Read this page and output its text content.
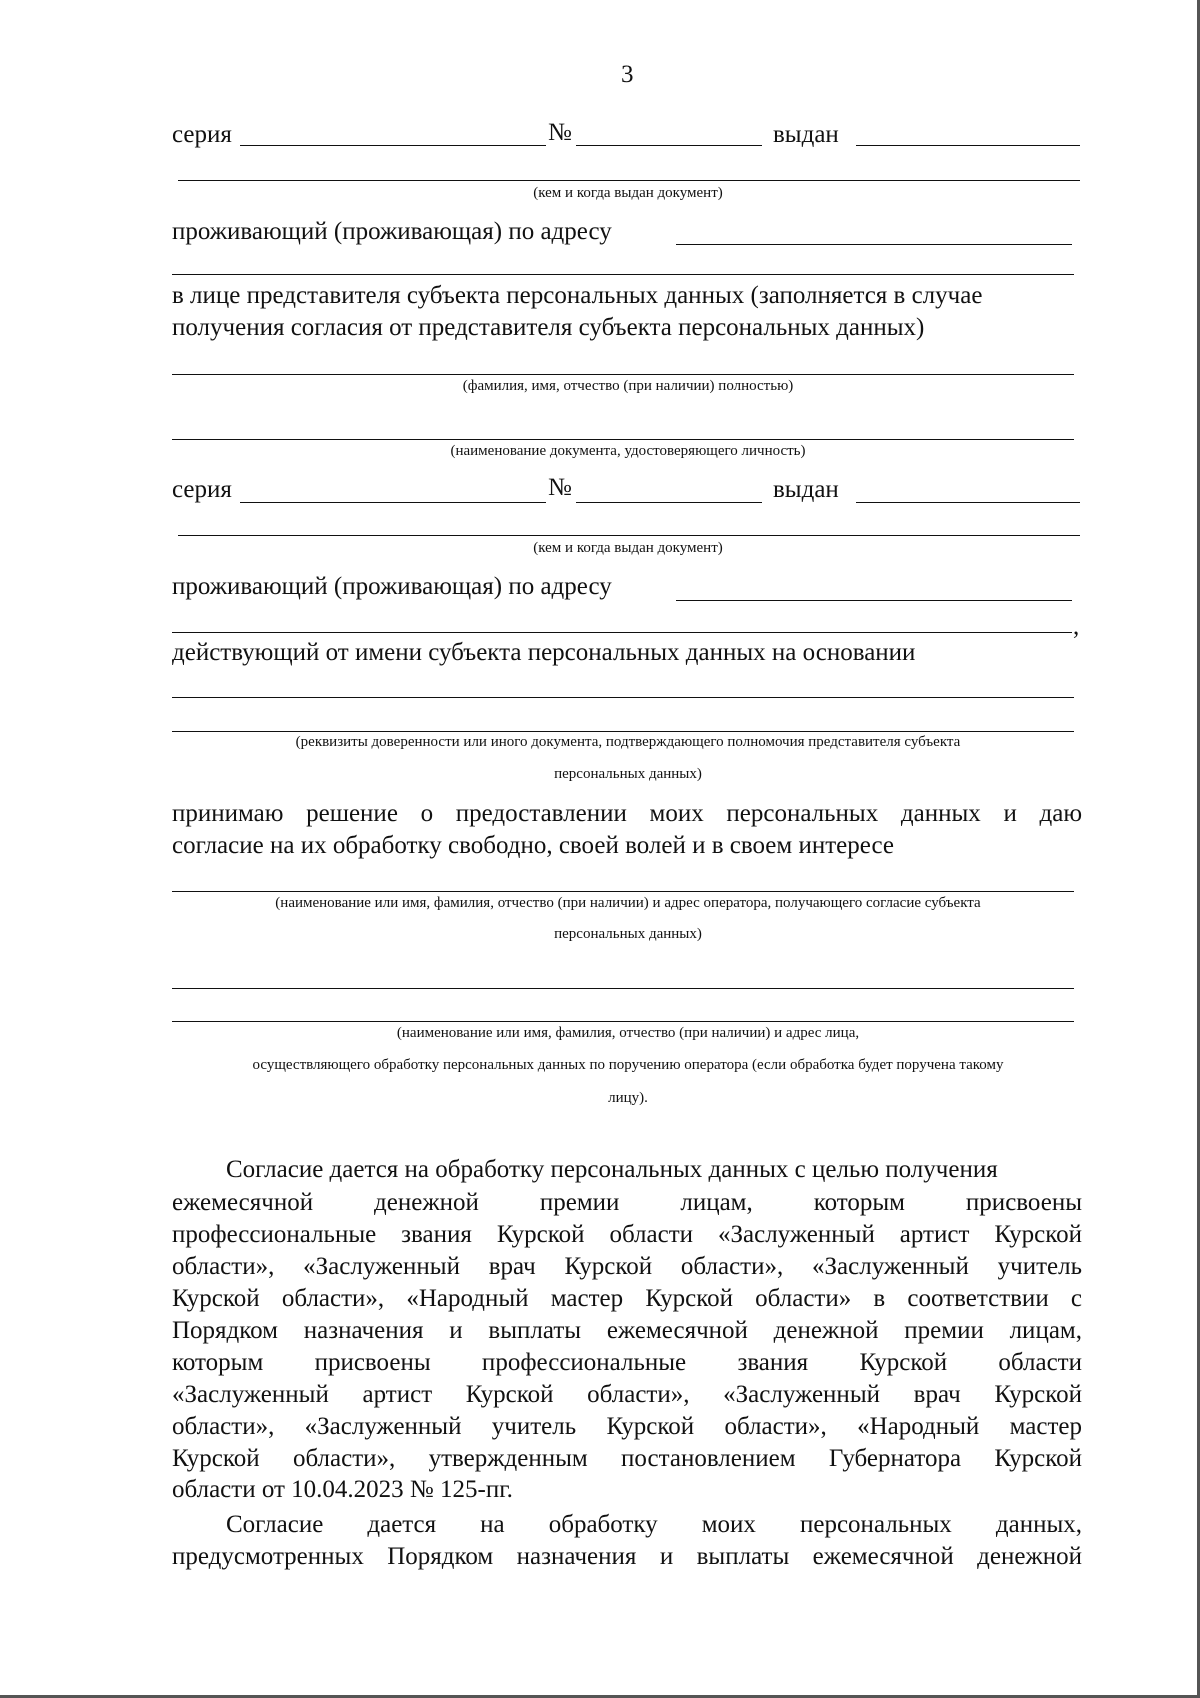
3
серия	№	выдан
(кем и когда выдан документ)
проживающий (проживающая) по адресу
в лице представителя субъекта персональных данных (заполняется в случае
получения согласия от представителя субъекта персональных данных)
(фамилия, имя, отчество (при наличии) полностью)
(наименование документа, удостоверяющего личность)
серия	№	выдан
(кем и когда выдан документ)
проживающий (проживающая) по адресу
,
действующий от имени субъекта персональных данных на основании
(реквизиты доверенности или иного документа, подтверждающего полномочия представителя субъекта
персональных данных)
принимаю решение о предоставлении моих персональных данных и даю
согласие на их обработку свободно, своей волей и в своем интересе
(наименование или имя, фамилия, отчество (при наличии) и адрес оператора, получающего согласие субъекта
персональных данных)
(наименование или имя, фамилия, отчество (при наличии) и адрес лица,
осуществляющего обработку персональных данных по поручению оператора (если обработка будет поручена такому
лицу).
Согласие дается на обработку персональных данных с целью получения
ежемесячной денежной премии лицам, которым присвоены
профессиональные звания Курской области «Заслуженный артист Курской
области», «Заслуженный врач Курской области», «Заслуженный учитель
Курской области», «Народный мастер Курской области» в соответствии с
Порядком назначения и выплаты ежемесячной денежной премии лицам,
которым присвоены профессиональные звания Курской области
«Заслуженный артист Курской области», «Заслуженный врач Курской
области», «Заслуженный учитель Курской области», «Народный мастер
Курской области», утвержденным постановлением Губернатора Курской
области от 10.04.2023 № 125-пг.
Согласие дается на обработку моих персональных данных,
предусмотренных Порядком назначения и выплаты ежемесячной денежной
